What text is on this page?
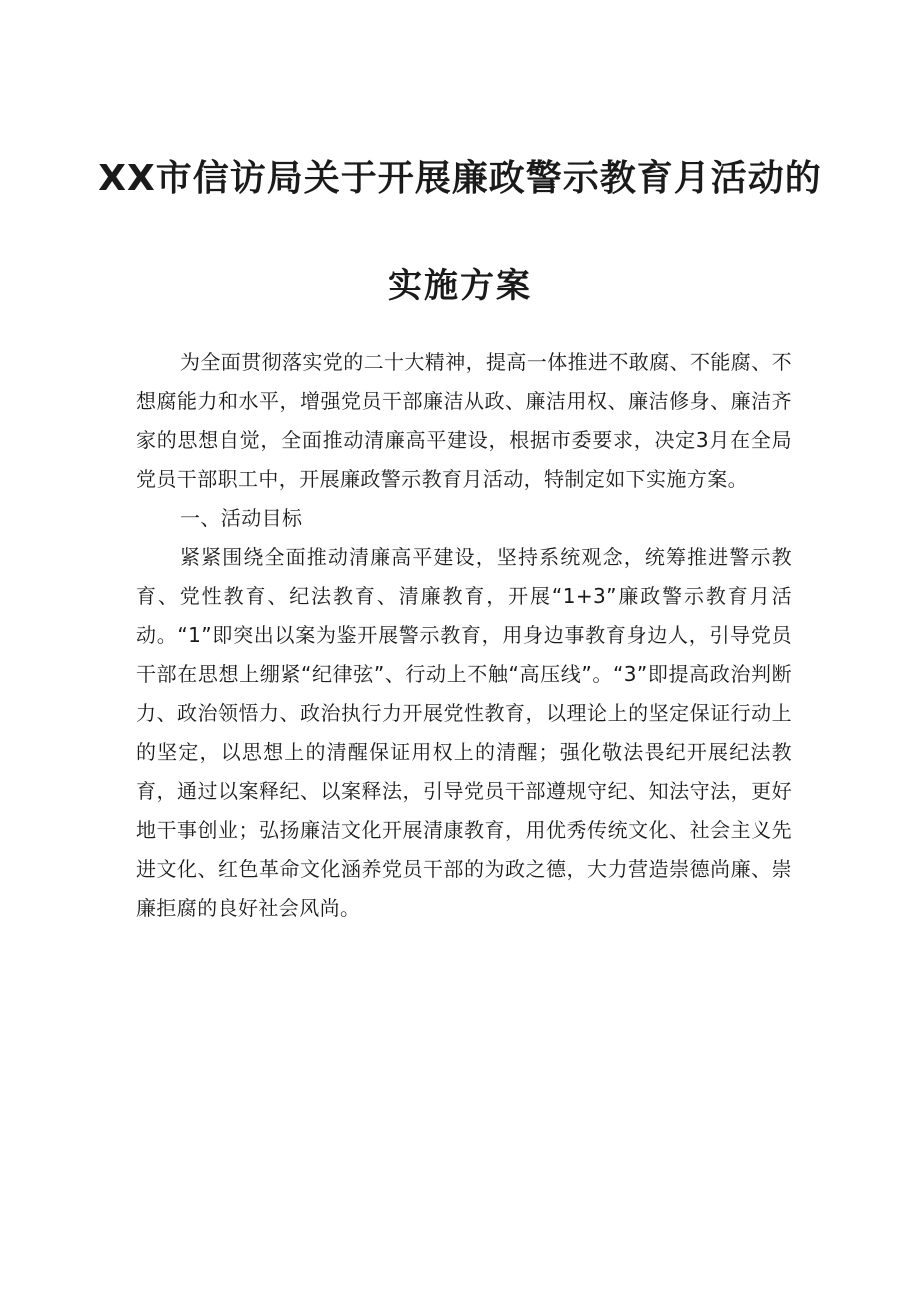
XX市信访局关于开展廉政警示教育月活动的
实施方案

为全面贯彻落实党的二十大精神，提高一体推进不敢腐、不能腐、不想腐能力和水平，增强党员干部廉洁从政、廉洁用权、廉洁修身、廉洁齐家的思想自觉，全面推动清廉高平建设，根据市委要求，决定3月在全局党员干部职工中，开展廉政警示教育月活动，特制定如下实施方案。

一、活动目标

紧紧围绕全面推动清廉高平建设，坚持系统观念，统筹推进警示教育、党性教育、纪法教育、清廉教育，开展“1+3”廉政警示教育月活动。“1”即突出以案为鉴开展警示教育，用身边事教育身边人，引导党员干部在思想上绷紧“纪律弦”、行动上不触“高压线”。“3”即提高政治判断力、政治领悟力、政治执行力开展党性教育，以理论上的坚定保证行动上的坚定，以思想上的清醒保证用权上的清醒；强化敬法畏纪开展纪法教育，通过以案释纪、以案释法，引导党员干部遵规守纪、知法守法，更好地干事创业；弘扬廉洁文化开展清康教育，用优秀传统文化、社会主义先进文化、红色革命文化涵养党员干部的为政之德，大力营造崇德尚廉、崇廉拒腐的良好社会风尚。
